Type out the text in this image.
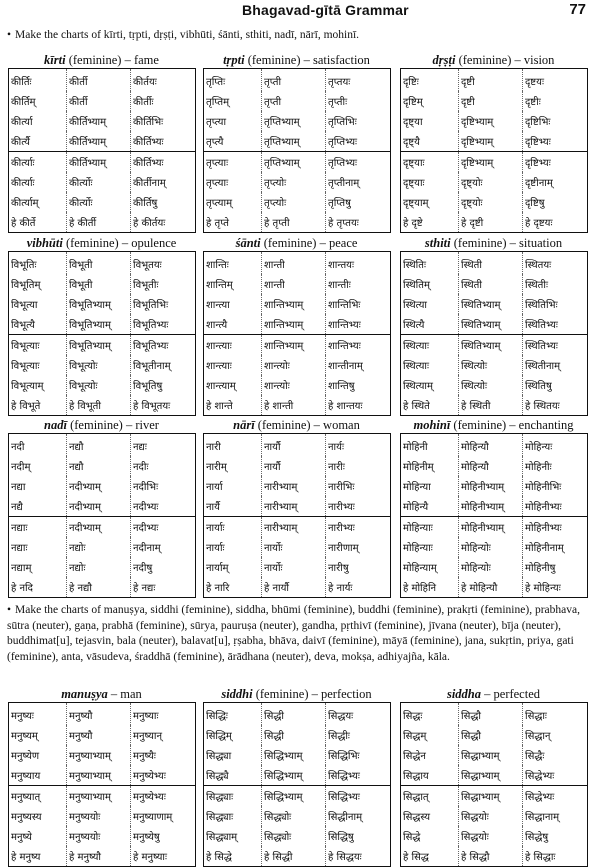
Bhagavad-gītā Grammar	77
• Make the charts of kīrti, tṛpti, dṛṣṭi, vibhūti, śānti, sthiti, nadī, nārī, mohinī.
kīrti (feminine) – fame
कीर्तिः	कीर्ती	कीर्तयः
कीर्तिम्	कीर्ती	कीर्तीः
कीर्त्या	कीर्तिभ्याम्	कीर्तिभिः
कीर्त्यै	कीर्तिभ्याम्	कीर्तिभ्यः
कीर्त्याः	कीर्तिभ्याम्	कीर्तिभ्यः
कीर्त्याः	कीर्त्योः	कीर्तीनाम्
कीर्त्याम्	कीर्त्योः	कीर्तिषु
हे कीर्ते	हे कीर्ती	हे कीर्तयः
tṛpti (feminine) – satisfaction
तृप्तिः	तृप्ती	तृप्तयः
तृप्तिम्	तृप्ती	तृप्तीः
तृप्त्या	तृप्तिभ्याम्	तृप्तिभिः
तृप्त्यै	तृप्तिभ्याम्	तृप्तिभ्यः
तृप्त्याः	तृप्तिभ्याम्	तृप्तिभ्यः
तृप्त्याः	तृप्त्योः	तृप्तीनाम्
तृप्त्याम्	तृप्त्योः	तृप्तिषु
हे तृप्ते	हे तृप्ती	हे तृप्तयः
dṛṣṭi (feminine) – vision
दृष्टिः	दृष्टी	दृष्टयः
दृष्टिम्	दृष्टी	दृष्टीः
दृष्ट्या	दृष्टिभ्याम्	दृष्टिभिः
दृष्ट्यै	दृष्टिभ्याम्	दृष्टिभ्यः
दृष्ट्याः	दृष्टिभ्याम्	दृष्टिभ्यः
दृष्ट्याः	दृष्ट्योः	दृष्टीनाम्
दृष्ट्याम्	दृष्ट्योः	दृष्टिषु
हे दृष्टे	हे दृष्टी	हे दृष्टयः
vibhūti (feminine) – opulence
विभूतिः	विभूती	विभूतयः
विभूतिम्	विभूती	विभूतीः
विभूत्या	विभूतिभ्याम्	विभूतिभिः
विभूत्यै	विभूतिभ्याम्	विभूतिभ्यः
विभूत्याः	विभूतिभ्याम्	विभूतिभ्यः
विभूत्याः	विभूत्योः	विभूतीनाम्
विभूत्याम्	विभूत्योः	विभूतिषु
हे विभूते	हे विभूती	हे विभूतयः
śānti (feminine) – peace
शान्तिः	शान्ती	शान्तयः
शान्तिम्	शान्ती	शान्तीः
शान्त्या	शान्तिभ्याम्	शान्तिभिः
शान्त्यै	शान्तिभ्याम्	शान्तिभ्यः
शान्त्याः	शान्तिभ्याम्	शान्तिभ्यः
शान्त्याः	शान्त्योः	शान्तीनाम्
शान्त्याम्	शान्त्योः	शान्तिषु
हे शान्ते	हे शान्ती	हे शान्तयः
sthiti (feminine) – situation
स्थितिः	स्थिती	स्थितयः
स्थितिम्	स्थिती	स्थितीः
स्थित्या	स्थितिभ्याम्	स्थितिभिः
स्थित्यै	स्थितिभ्याम्	स्थितिभ्यः
स्थित्याः	स्थितिभ्याम्	स्थितिभ्यः
स्थित्याः	स्थित्योः	स्थितीनाम्
स्थित्याम्	स्थित्योः	स्थितिषु
हे स्थिते	हे स्थिती	हे स्थितयः
nadī (feminine) – river
नदी	नद्यौ	नद्यः
नदीम्	नद्यौ	नदीः
नद्या	नदीभ्याम्	नदीभिः
नद्यै	नदीभ्याम्	नदीभ्यः
नद्याः	नदीभ्याम्	नदीभ्यः
नद्याः	नद्योः	नदीनाम्
नद्याम्	नद्योः	नदीषु
हे नदि	हे नद्यौ	हे नद्यः
nārī (feminine) – woman
नारी	नार्यौ	नार्यः
नारीम्	नार्यौ	नारीः
नार्या	नारीभ्याम्	नारीभिः
नार्यै	नारीभ्याम्	नारीभ्यः
नार्याः	नारीभ्याम्	नारीभ्यः
नार्याः	नार्योः	नारीणाम्
नार्याम्	नार्योः	नारीषु
हे नारि	हे नार्यौ	हे नार्यः
mohinī (feminine) – enchanting
मोहिनी	मोहिन्यौ	मोहिन्यः
मोहिनीम्	मोहिन्यौ	मोहिनीः
मोहिन्या	मोहिनीभ्याम्	मोहिनीभिः
मोहिन्यै	मोहिनीभ्याम्	मोहिनीभ्यः
मोहिन्याः	मोहिनीभ्याम्	मोहिनीभ्यः
मोहिन्याः	मोहिन्योः	मोहिनीनाम्
मोहिन्याम्	मोहिन्योः	मोहिनीषु
हे मोहिनि	हे मोहिन्यौ	हे मोहिन्यः
• Make the charts of manuṣya, siddhi (feminine), siddha, bhūmi (feminine), buddhi (feminine), prakṛti (feminine), prabhava, sūtra (neuter), gaṇa, prabhā (feminine), sūrya, pauruṣa (neuter), gandha, pṛthivī (feminine), jīvana (neuter), bīja (neuter), buddhimat[u], tejasvin, bala (neuter), balavat[u], ṛṣabha, bhāva, daivī (feminine), māyā (feminine), jana, sukṛtin, priya, gati (feminine), anta, vāsudeva, śraddhā (feminine), ārādhana (neuter), deva, mokṣa, adhiyajña, kāla.
manuṣya – man
मनुष्यः	मनुष्यौ	मनुष्याः
मनुष्यम्	मनुष्यौ	मनुष्यान्
मनुष्येण	मनुष्याभ्याम्	मनुष्यैः
मनुष्याय	मनुष्याभ्याम्	मनुष्येभ्यः
मनुष्यात्	मनुष्याभ्याम्	मनुष्येभ्यः
मनुष्यस्य	मनुष्ययोः	मनुष्याणाम्
मनुष्ये	मनुष्ययोः	मनुष्येषु
हे मनुष्य	हे मनुष्यौ	हे मनुष्याः
siddhi (feminine) – perfection
सिद्धिः	सिद्धी	सिद्धयः
सिद्धिम्	सिद्धी	सिद्धीः
सिद्ध्या	सिद्धिभ्याम्	सिद्धिभिः
सिद्ध्यै	सिद्धिभ्याम्	सिद्धिभ्यः
सिद्ध्याः	सिद्धिभ्याम्	सिद्धिभ्यः
सिद्ध्याः	सिद्ध्योः	सिद्धीनाम्
सिद्ध्याम्	सिद्ध्योः	सिद्धिषु
हे सिद्धे	हे सिद्धी	हे सिद्धयः
siddha – perfected
सिद्धः	सिद्धौ	सिद्धाः
सिद्धम्	सिद्धौ	सिद्धान्
सिद्धेन	सिद्धाभ्याम्	सिद्धैः
सिद्धाय	सिद्धाभ्याम्	सिद्धेभ्यः
सिद्धात्	सिद्धाभ्याम्	सिद्धेभ्यः
सिद्धस्य	सिद्धयोः	सिद्धानाम्
सिद्धे	सिद्धयोः	सिद्धेषु
हे सिद्ध	हे सिद्धौ	हे सिद्धाः
